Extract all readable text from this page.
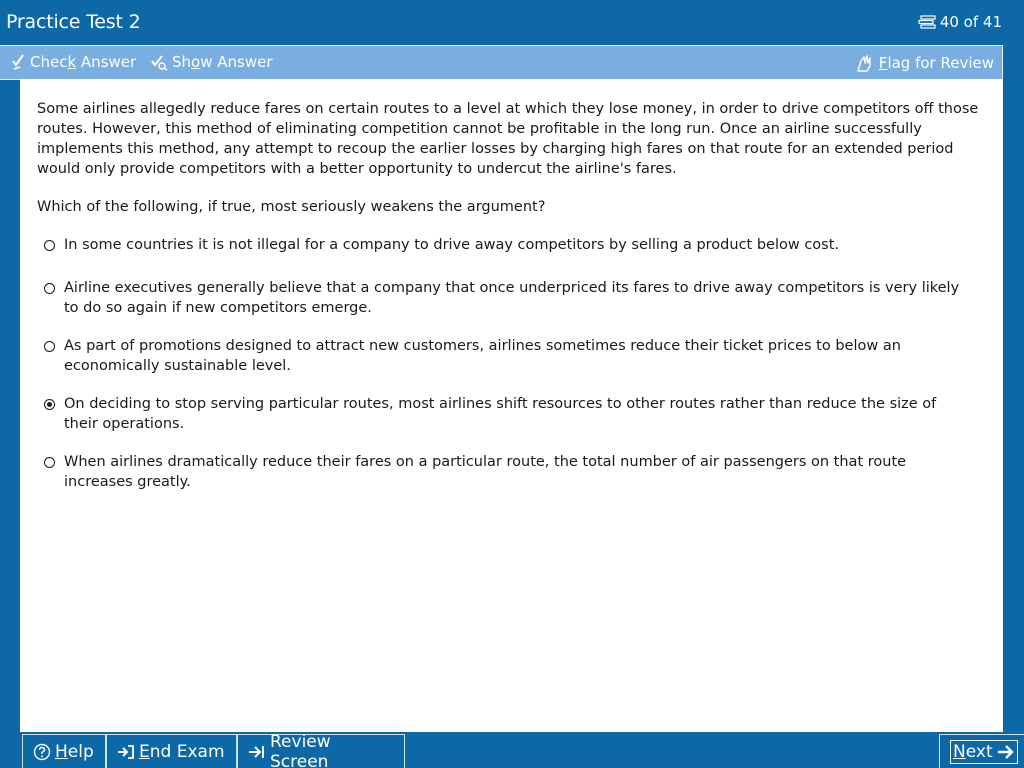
Practice Test 2	40 of 41
Check Answer Show Answer	Flag for Review

Some airlines allegedly reduce fares on certain routes to a level at which they lose money, in order to drive competitors off those routes. However, this method of eliminating competition cannot be profitable in the long run. Once an airline successfully implements this method, any attempt to recoup the earlier losses by charging high fares on that route for an extended period would only provide competitors with a better opportunity to undercut the airline's fares.

Which of the following, if true, most seriously weakens the argument?

In some countries it is not illegal for a company to drive away competitors by selling a product below cost.
Airline executives generally believe that a company that once underpriced its fares to drive away competitors is very likely to do so again if new competitors emerge.
As part of promotions designed to attract new customers, airlines sometimes reduce their ticket prices to below an economically sustainable level.
On deciding to stop serving particular routes, most airlines shift resources to other routes rather than reduce the size of their operations.
When airlines dramatically reduce their fares on a particular route, the total number of air passengers on that route increases greatly.
Help	End Exam	Review Screen	Next
